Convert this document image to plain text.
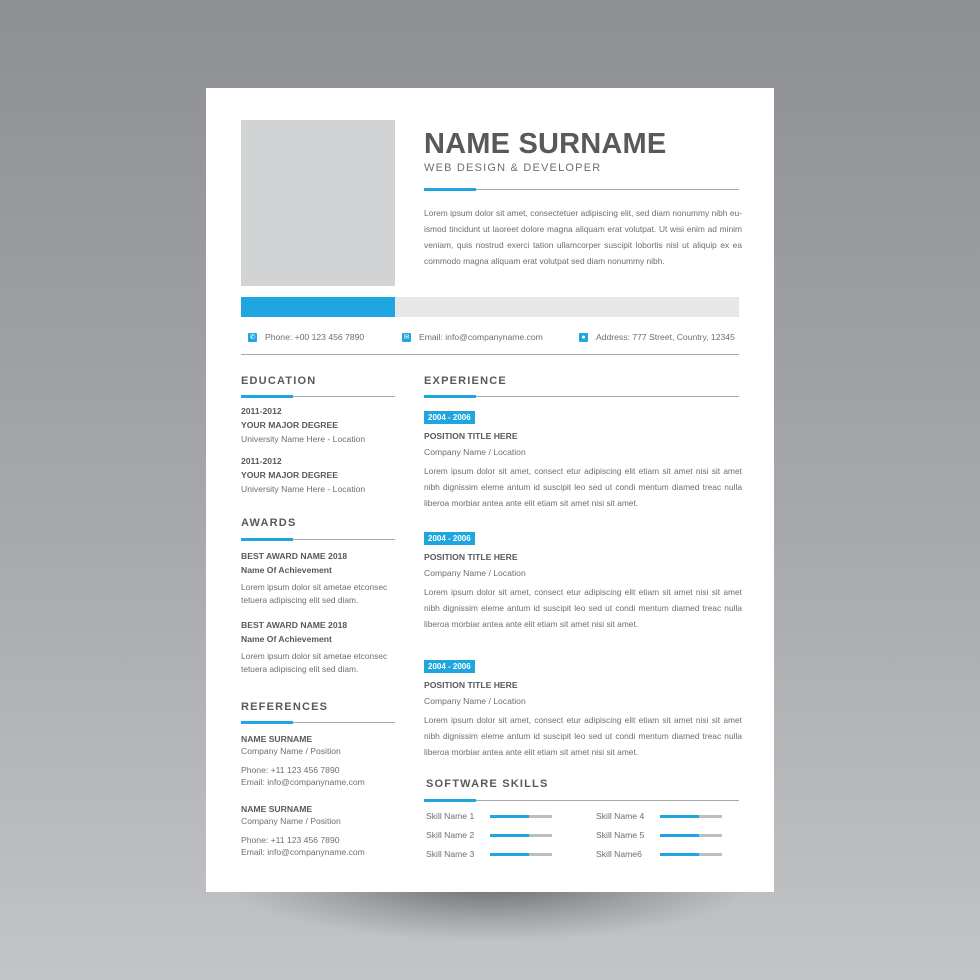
NAME SURNAME
WEB DESIGN & DEVELOPER

Lorem ipsum dolor sit amet, consectetuer adipiscing elit, sed diam nonummy nibh eu-ismod tincidunt ut laoreet dolore magna aliquam erat volutpat. Ut wisi enim ad minim veniam, quis nostrud exerci tation ullamcorper suscipit lobortis nisl ut aliquip ex ea commodo magna aliquam erat volutpat sed diam nonummy nibh.

✆ Phone: +00 123 456 7890	✉ Email: info@companyname.com	● Address: 777 Street, Country, 12345
EDUCATION
2011-2012
YOUR MAJOR DEGREE
University Name Here - Location
2011-2012
YOUR MAJOR DEGREE
University Name Here - Location
AWARDS
BEST AWARD NAME 2018
Name Of Achievement
Lorem ipsum dolor sit ametae etconsec tetuera adipiscing elit sed diam.
BEST AWARD NAME 2018
Name Of Achievement
Lorem ipsum dolor sit ametae etconsec tetuera adipiscing elit sed diam.
REFERENCES
NAME SURNAME
Company Name / Position
Phone: +11 123 456 7890
Email: info@companyname.com
NAME SURNAME
Company Name / Position
Phone: +11 123 456 7890
Email: info@companyname.com
EXPERIENCE
2004 - 2006
POSITION TITLE HERE
Company Name / Location
Lorem ipsum dolor sit amet, consect etur adipiscing elit etiam sit amet nisi sit amet nibh dignissim eleme antum id suscipit leo sed ut condi mentum diamed treac nulla liberoa morbiar antea ante elit etiam sit amet nisi sit amet.
2004 - 2006
POSITION TITLE HERE
Company Name / Location
Lorem ipsum dolor sit amet, consect etur adipiscing elit etiam sit amet nisi sit amet nibh dignissim eleme antum id suscipit leo sed ut condi mentum diamed treac nulla liberoa morbiar antea ante elit etiam sit amet nisi sit amet.
2004 - 2006
POSITION TITLE HERE
Company Name / Location
Lorem ipsum dolor sit amet, consect etur adipiscing elit etiam sit amet nisi sit amet nibh dignissim eleme antum id suscipit leo sed ut condi mentum diamed treac nulla liberoa morbiar antea ante elit etiam sit amet nisi sit amet.
SOFTWARE SKILLS
Skill Name 1
Skill Name 2
Skill Name 3
Skill Name 4
Skill Name 5
Skill Name6
